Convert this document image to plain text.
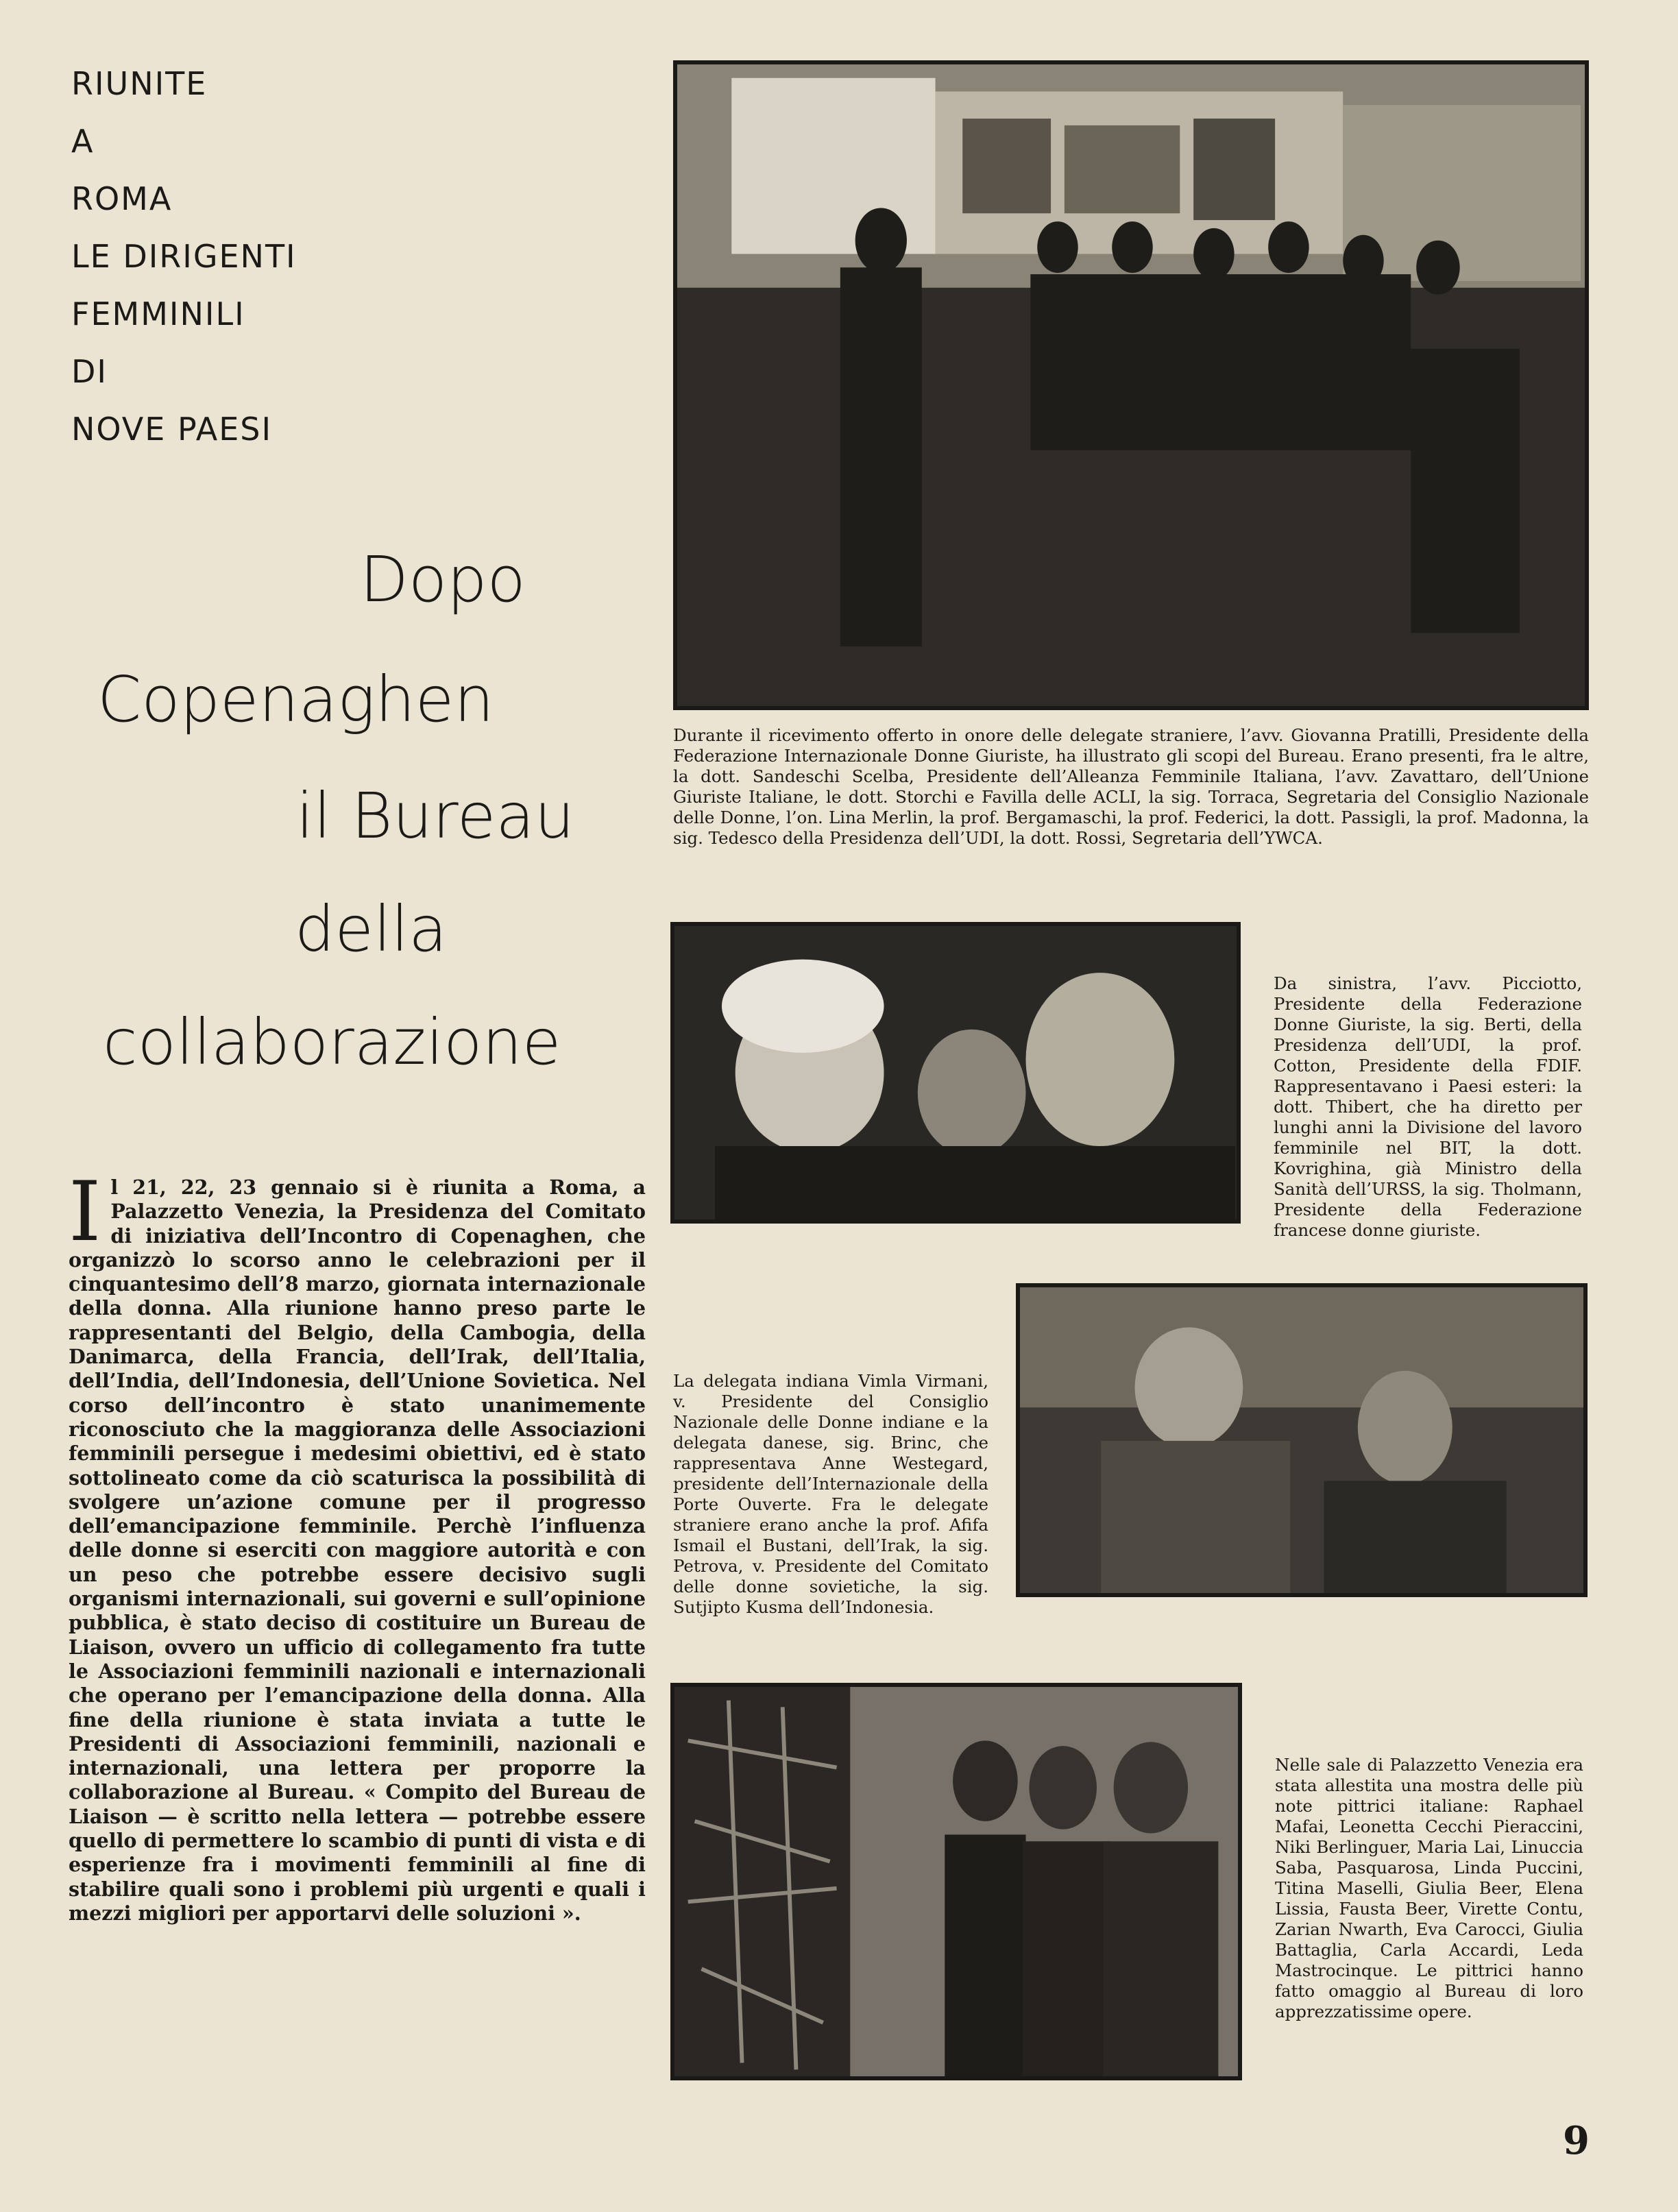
RIUNITE
A
ROMA
LE DIRIGENTI
FEMMINILI
DI
NOVE PAESI
Dopo
Copenaghen
il Bureau
della
collaborazione
Durante il ricevimento offerto in onore delle delegate straniere, l’avv. Giovanna Pratilli, Presidente della Federazione Internazionale Donne Giuriste, ha illustrato gli scopi del Bureau. Erano presenti, fra le altre, la dott. Sandeschi Scelba, Presidente dell’Alleanza Femminile Italiana, l’avv. Zavattaro, dell’Unione Giuriste Italiane, le dott. Storchi e Favilla delle ACLI, la sig. Torraca, Segretaria del Consiglio Nazionale delle Donne, l’on. Lina Merlin, la prof. Bergamaschi, la prof. Federici, la dott. Passigli, la prof. Madonna, la sig. Tedesco della Presidenza dell’UDI, la dott. Rossi, Segretaria dell’YWCA.
Da sinistra, l’avv. Picciotto, Presidente della Federazione Donne Giuriste, la sig. Berti, della Presidenza dell’UDI, la prof. Cotton, Presidente della FDIF. Rappresentavano i Paesi esteri: la dott. Thibert, che ha diretto per lunghi anni la Divisione del lavoro femminile nel BIT, la dott. Kovrighina, già Ministro della Sanità dell’URSS, la sig. Tholmann, Presidente della Federazione francese donne giuriste.
La delegata indiana Vimla Virmani, v. Presidente del Consiglio Nazionale delle Donne indiane e la delegata danese, sig. Brinc, che rappresentava Anne Westegard, presidente dell’Internazionale della Porte Ouverte. Fra le delegate straniere erano anche la prof. Afifa Ismail el Bustani, dell’Irak, la sig. Petrova, v. Presidente del Comitato delle donne sovietiche, la sig. Sutjipto Kusma dell’Indonesia.
Nelle sale di Palazzetto Venezia era stata allestita una mostra delle più note pittrici italiane: Raphael Mafai, Leonetta Cecchi Pieraccini, Niki Berlinguer, Maria Lai, Linuccia Saba, Pasquarosa, Linda Puccini, Titina Maselli, Giulia Beer, Elena Lissia, Fausta Beer, Virette Contu, Zarian Nwarth, Eva Carocci, Giulia Battaglia, Carla Accardi, Leda Mastrocinque. Le pittrici hanno fatto omaggio al Bureau di loro apprezzatissime opere.
Il 21, 22, 23 gennaio si è riunita a Roma, a Palazzetto Venezia, la Presidenza del Comitato di iniziativa dell’Incontro di Copenaghen, che organizzò lo scorso anno le celebrazioni per il cinquantesimo dell’8 marzo, giornata internazionale della donna. Alla riunione hanno preso parte le rappresentanti del Belgio, della Cambogia, della Danimarca, della Francia, dell’Irak, dell’Italia, dell’India, dell’Indonesia, dell’Unione Sovietica. Nel corso dell’incontro è stato unanimemente riconosciuto che la maggioranza delle Associazioni femminili persegue i medesimi obiettivi, ed è stato sottolineato come da ciò scaturisca la possibilità di svolgere un’azione comune per il progresso dell’emancipazione femminile. Perchè l’influenza delle donne si eserciti con maggiore autorità e con un peso che potrebbe essere decisivo sugli organismi internazionali, sui governi e sull’opinione pubblica, è stato deciso di costituire un Bureau de Liaison, ovvero un ufficio di collegamento fra tutte le Associazioni femminili nazionali e internazionali che operano per l’emancipazione della donna. Alla fine della riunione è stata inviata a tutte le Presidenti di Associazioni femminili, nazionali e internazionali, una lettera per proporre la collaborazione al Bureau. « Compito del Bureau de Liaison — è scritto nella lettera — potrebbe essere quello di permettere lo scambio di punti di vista e di esperienze fra i movimenti femminili al fine di stabilire quali sono i problemi più urgenti e quali i mezzi migliori per apportarvi delle soluzioni ».
9
